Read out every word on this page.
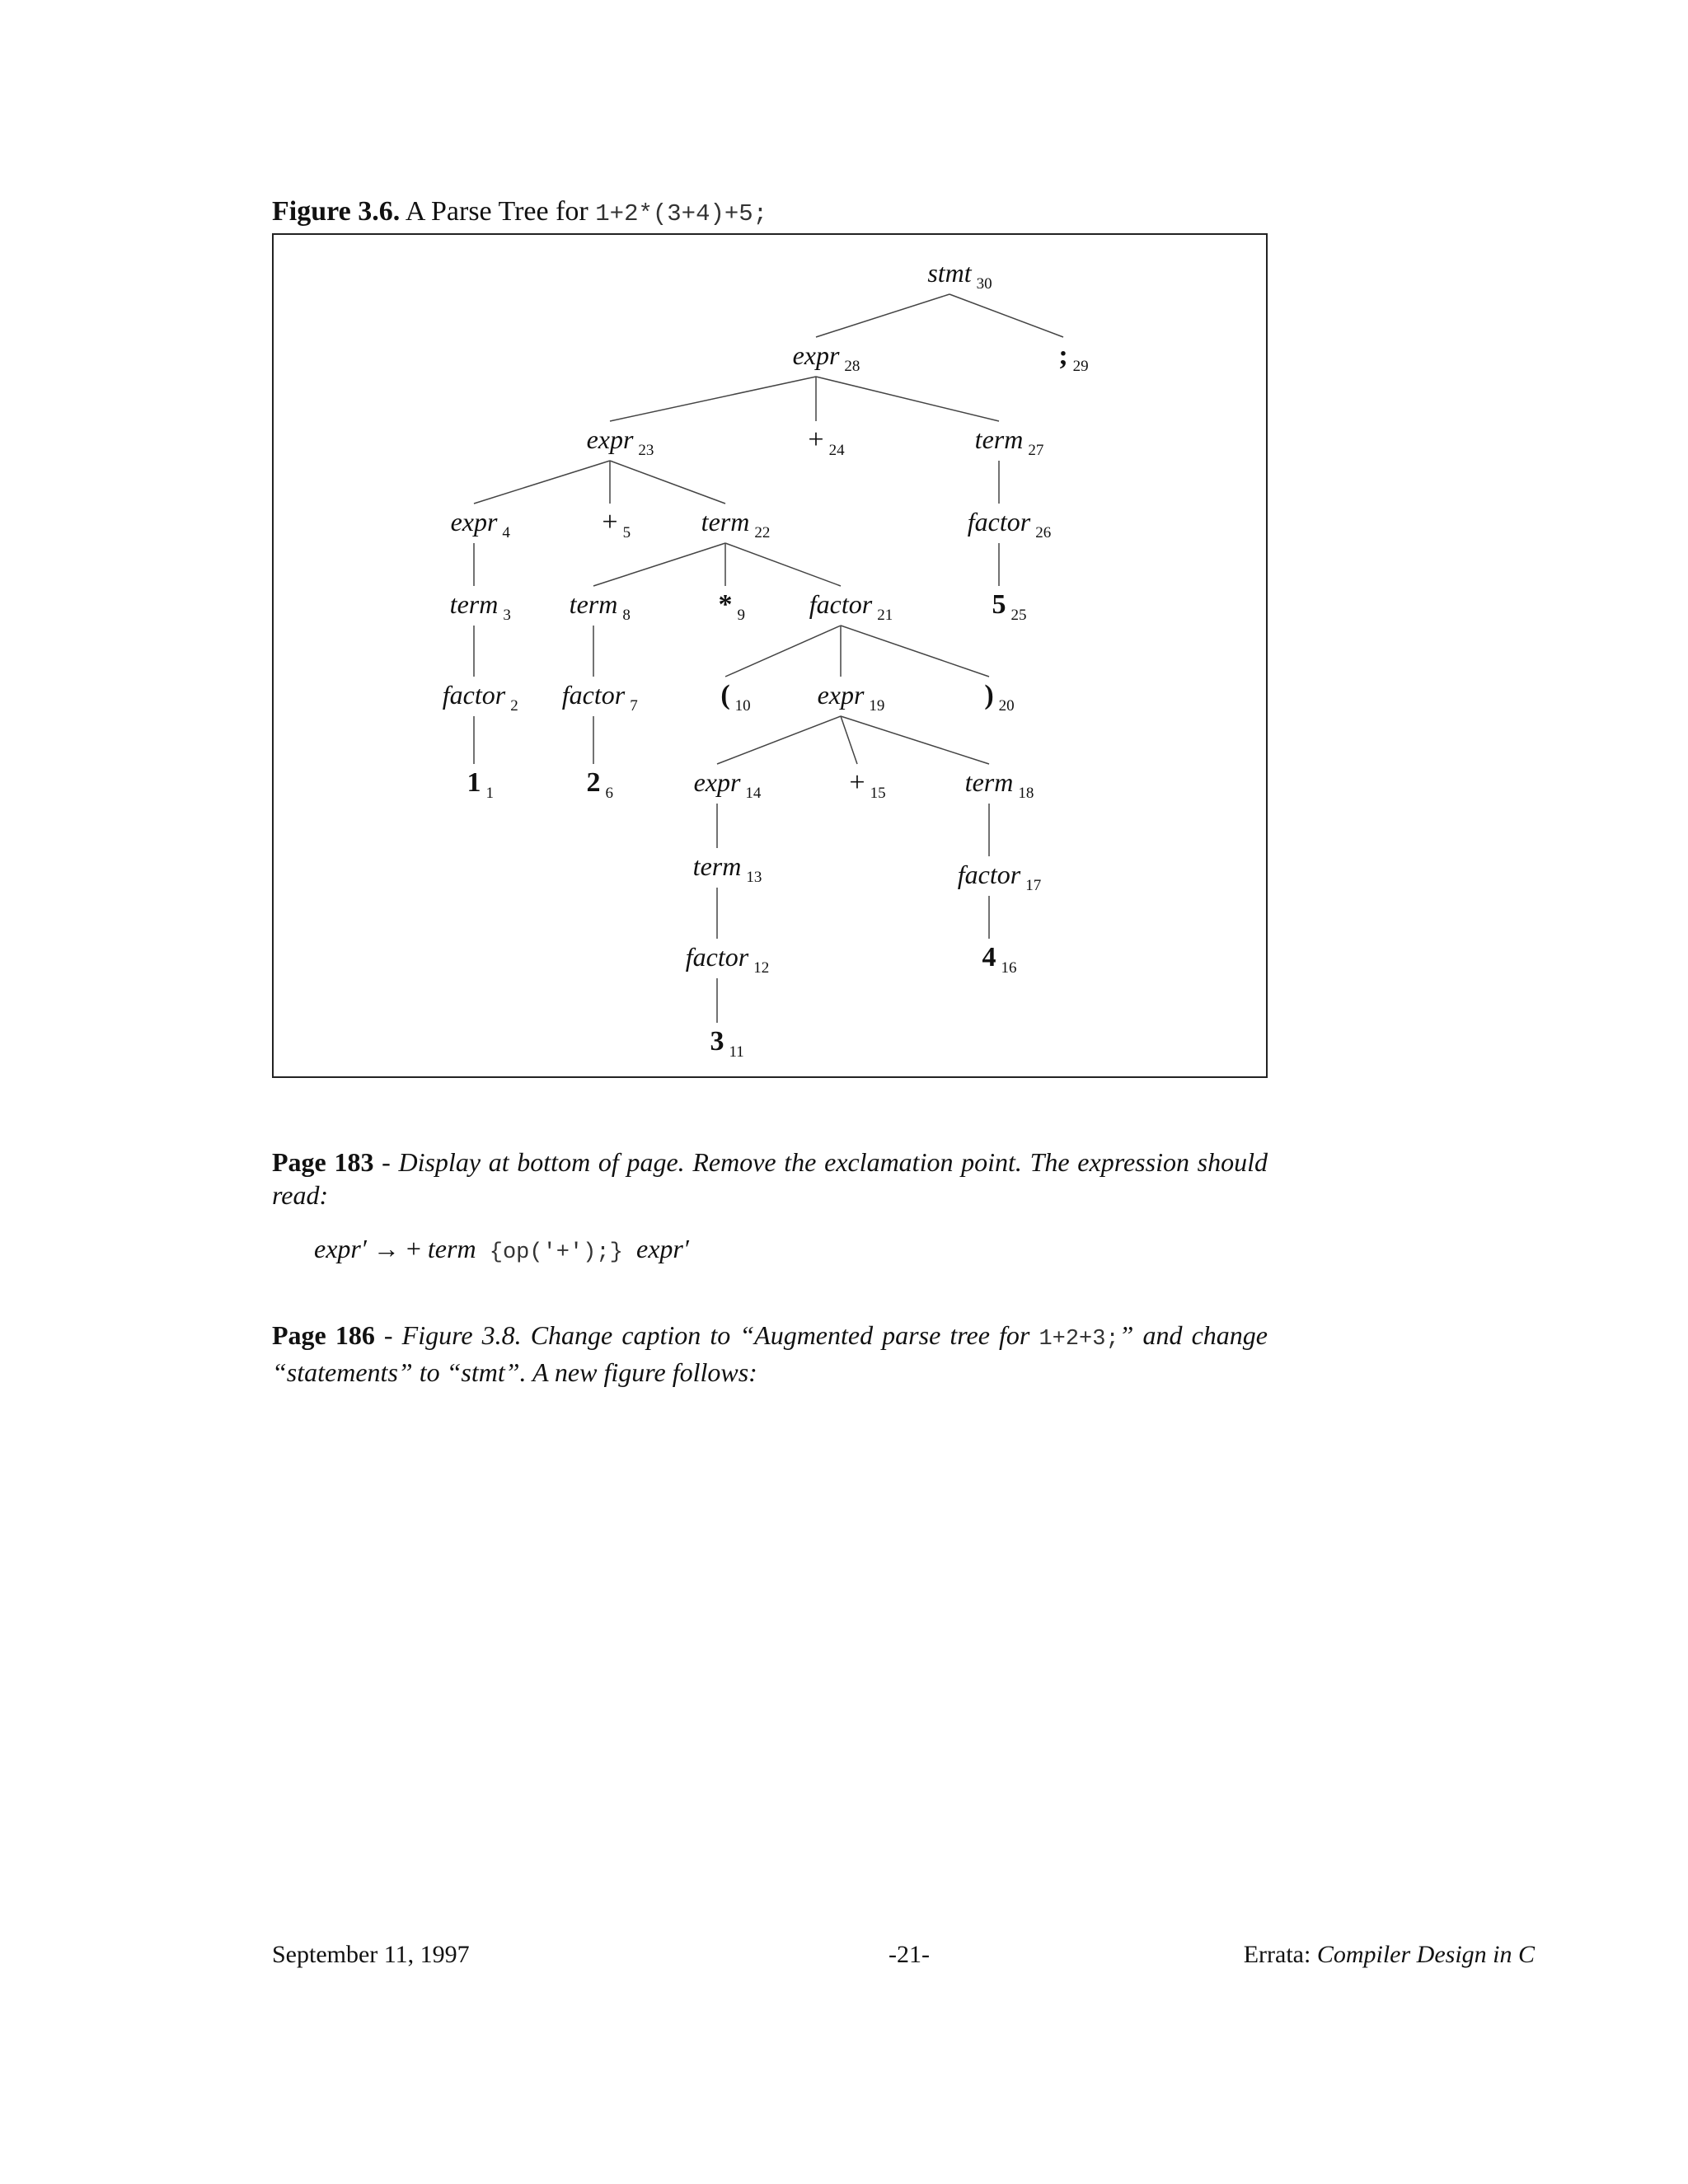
Figure 3.6. A Parse Tree for 1+2*(3+4)+5;
stmt $_{30}$
expr $_{28}$	; $_{29}$
expr $_{23}$	+ $_{24}$	term $_{27}$
expr $_4$	+ $_5$	term $_{22}$	factor $_{26}$
term $_3$ term $_8$	* $_9$ factor $_{21}$	5 $_{25}$
factor $_2$ factor $_7$	( $_{10}$	expr $_{19}$	) $_{20}$
1 $_1$	2 $_6$	expr $_{14}$	+ $_{15}$	term $_{18}$
term $_{13}$	factor $_{17}$
factor $_{12}$	4 $_{16}$
3 $_{11}$
Page 183 - Display at bottom of page. Remove the exclamation point. The expression should read:
expr′ → + term {op('+');} expr′
Page 186 - Figure 3.8. Change caption to “Augmented parse tree for 1+2+3;” and change “statements” to “stmt”. A new figure follows:
September 11, 1997	-21-	Errata: Compiler Design in C
